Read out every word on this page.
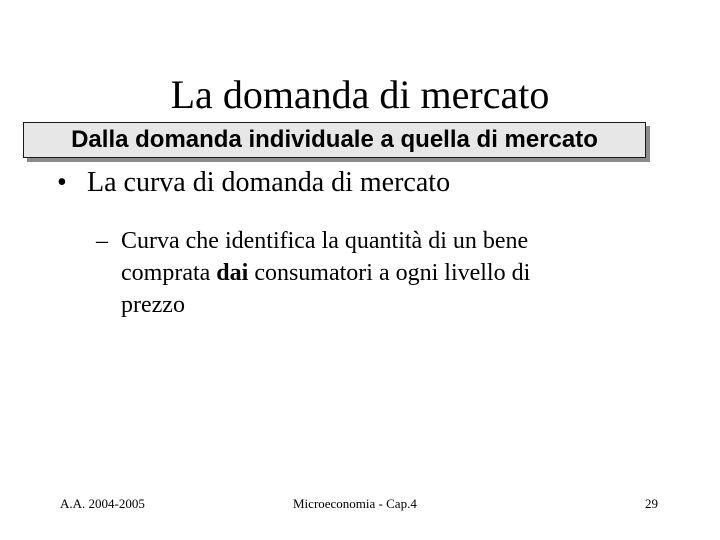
La domanda di mercato
Dalla domanda individuale a quella di mercato
• La curva di domanda di mercato
– Curva che identifica la quantità di un bene
comprata dai consumatori a ogni livello di
prezzo
A.A. 2004-2005	Microeconomia - Cap.4	29
